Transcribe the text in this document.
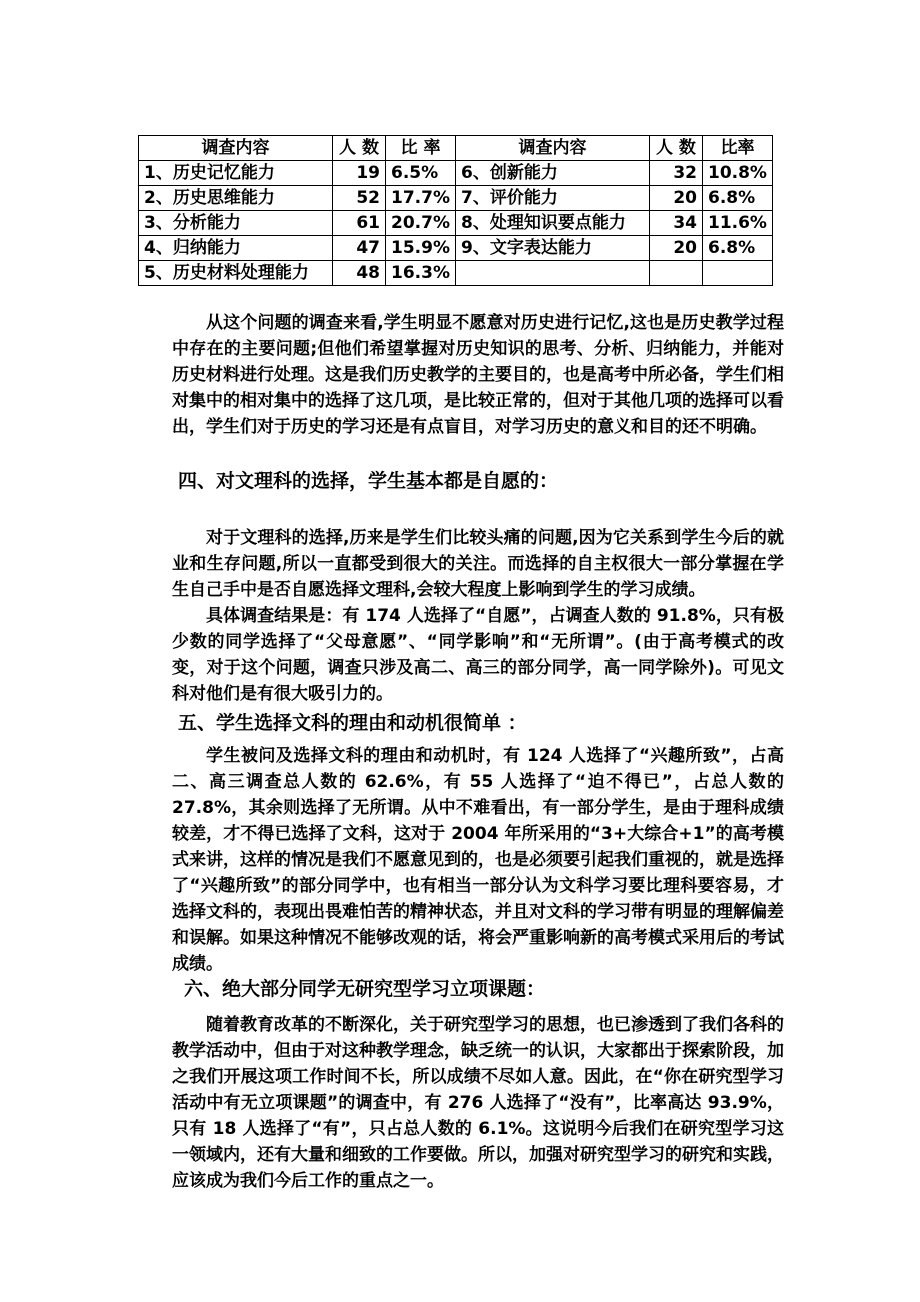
调查内容	人 数	比 率	调查内容	人 数	比率
1、历史记忆能力	19	6.5%	6、创新能力	32	10.8%
2、历史思维能力	52	17.7%	7、评价能力	20	6.8%
3、分析能力	61	20.7%	8、处理知识要点能力	34	11.6%
4、归纳能力	47	15.9%	9、文字表达能力	20	6.8%
5、历史材料处理能力	48	16.3%			

从这个问题的调查来看,学生明显不愿意对历史进行记忆,这也是历史教学过程中存在的主要问题;但他们希望掌握对历史知识的思考、分析、归纳能力，并能对历史材料进行处理。这是我们历史教学的主要目的，也是高考中所必备，学生们相对集中的相对集中的选择了这几项，是比较正常的，但对于其他几项的选择可以看出，学生们对于历史的学习还是有点盲目，对学习历史的意义和目的还不明确。

四、对文理科的选择，学生基本都是自愿的：

对于文理科的选择,历来是学生们比较头痛的问题,因为它关系到学生今后的就业和生存问题,所以一直都受到很大的关注。而选择的自主权很大一部分掌握在学生自己手中是否自愿选择文理科,会较大程度上影响到学生的学习成绩。

具体调查结果是：有 174 人选择了“自愿”，占调查人数的 91.8%，只有极少数的同学选择了“父母意愿”、“同学影响”和“无所谓”。(由于高考模式的改变，对于这个问题，调查只涉及高二、高三的部分同学，高一同学除外)。可见文科对他们是有很大吸引力的。

五、学生选择文科的理由和动机很简单 ：

学生被问及选择文科的理由和动机时，有 124 人选择了“兴趣所致”，占高二、高三调查总人数的 62.6%，有 55 人选择了“迫不得已”，占总人数的 27.8%，其余则选择了无所谓。从中不难看出，有一部分学生，是由于理科成绩较差，才不得已选择了文科，这对于 2004 年所采用的“3+大综合+1”的高考模式来讲，这样的情况是我们不愿意见到的，也是必须要引起我们重视的，就是选择了“兴趣所致”的部分同学中，也有相当一部分认为文科学习要比理科要容易，才选择文科的，表现出畏难怕苦的精神状态，并且对文科的学习带有明显的理解偏差和误解。如果这种情况不能够改观的话，将会严重影响新的高考模式采用后的考试成绩。

六、绝大部分同学无研究型学习立项课题：

随着教育改革的不断深化，关于研究型学习的思想，也已渗透到了我们各科的教学活动中，但由于对这种教学理念，缺乏统一的认识，大家都出于探索阶段，加之我们开展这项工作时间不长，所以成绩不尽如人意。因此，在“你在研究型学习活动中有无立项课题”的调查中，有 276 人选择了“没有”，比率高达 93.9%，只有 18 人选择了“有”，只占总人数的 6.1%。这说明今后我们在研究型学习这一领域内，还有大量和细致的工作要做。所以，加强对研究型学习的研究和实践，应该成为我们今后工作的重点之一。
